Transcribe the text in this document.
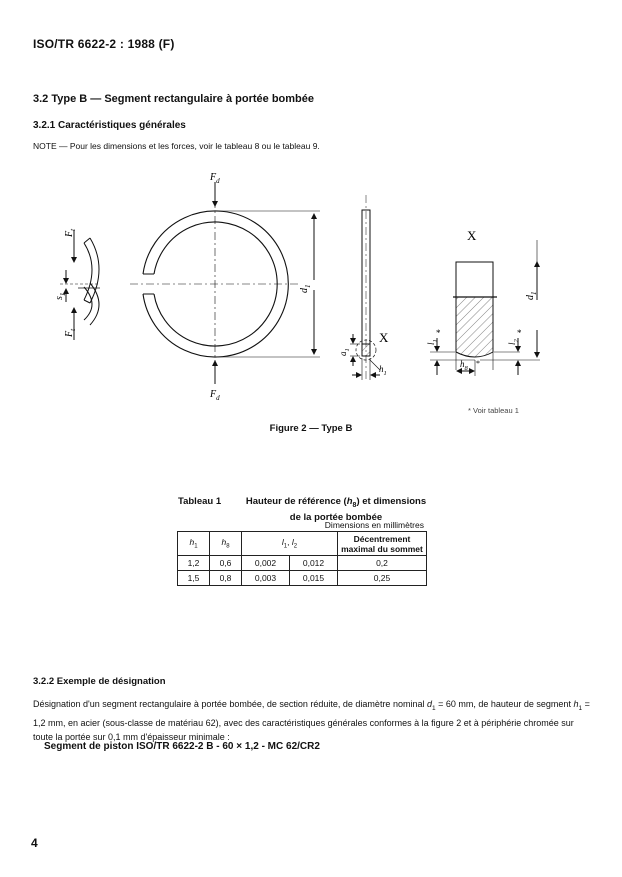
ISO/TR 6622-2 : 1988 (F)
3.2 Type B — Segment rectangulaire à portée bombée
3.2.1 Caractéristiques générales
NOTE — Pour les dimensions et les forces, voir le tableau 8 ou le tableau 9.
$F_t$
$s_1$
$F_t$
$F_d$
$F_d$
$d_1$
X
$a_1$
$h_1$
X
$l_1$
*
$l_2$
*
$h_8$
*
$d_1$
* Voir tableau 1
Figure 2 — Type B
Tableau 1	Hauteur de référence $(h_8)$ et dimensions
de la portée bombée
Dimensions en millimètres
$h_1$	$h_8$	$l_1$, $l_2$		Décentrement
maximal du sommet
1,2	0,6	0,002	0,012	0,2
1,5	0,8	0,003	0,015	0,25
3.2.2 Exemple de désignation
Désignation d'un segment rectangulaire à portée bombée, de section réduite, de diamètre nominal $d_1 = 60$ mm, de hauteur de segment $h_1 = 1,2$ mm, en acier (sous-classe de matériau 62), avec des caractéristiques générales conformes à la figure 2 et à périphérie chromée sur toute la portée sur 0,1 mm d'épaisseur minimale :
Segment de piston ISO/TR 6622-2 B - 60 × 1,2 - MC 62/CR2
4
